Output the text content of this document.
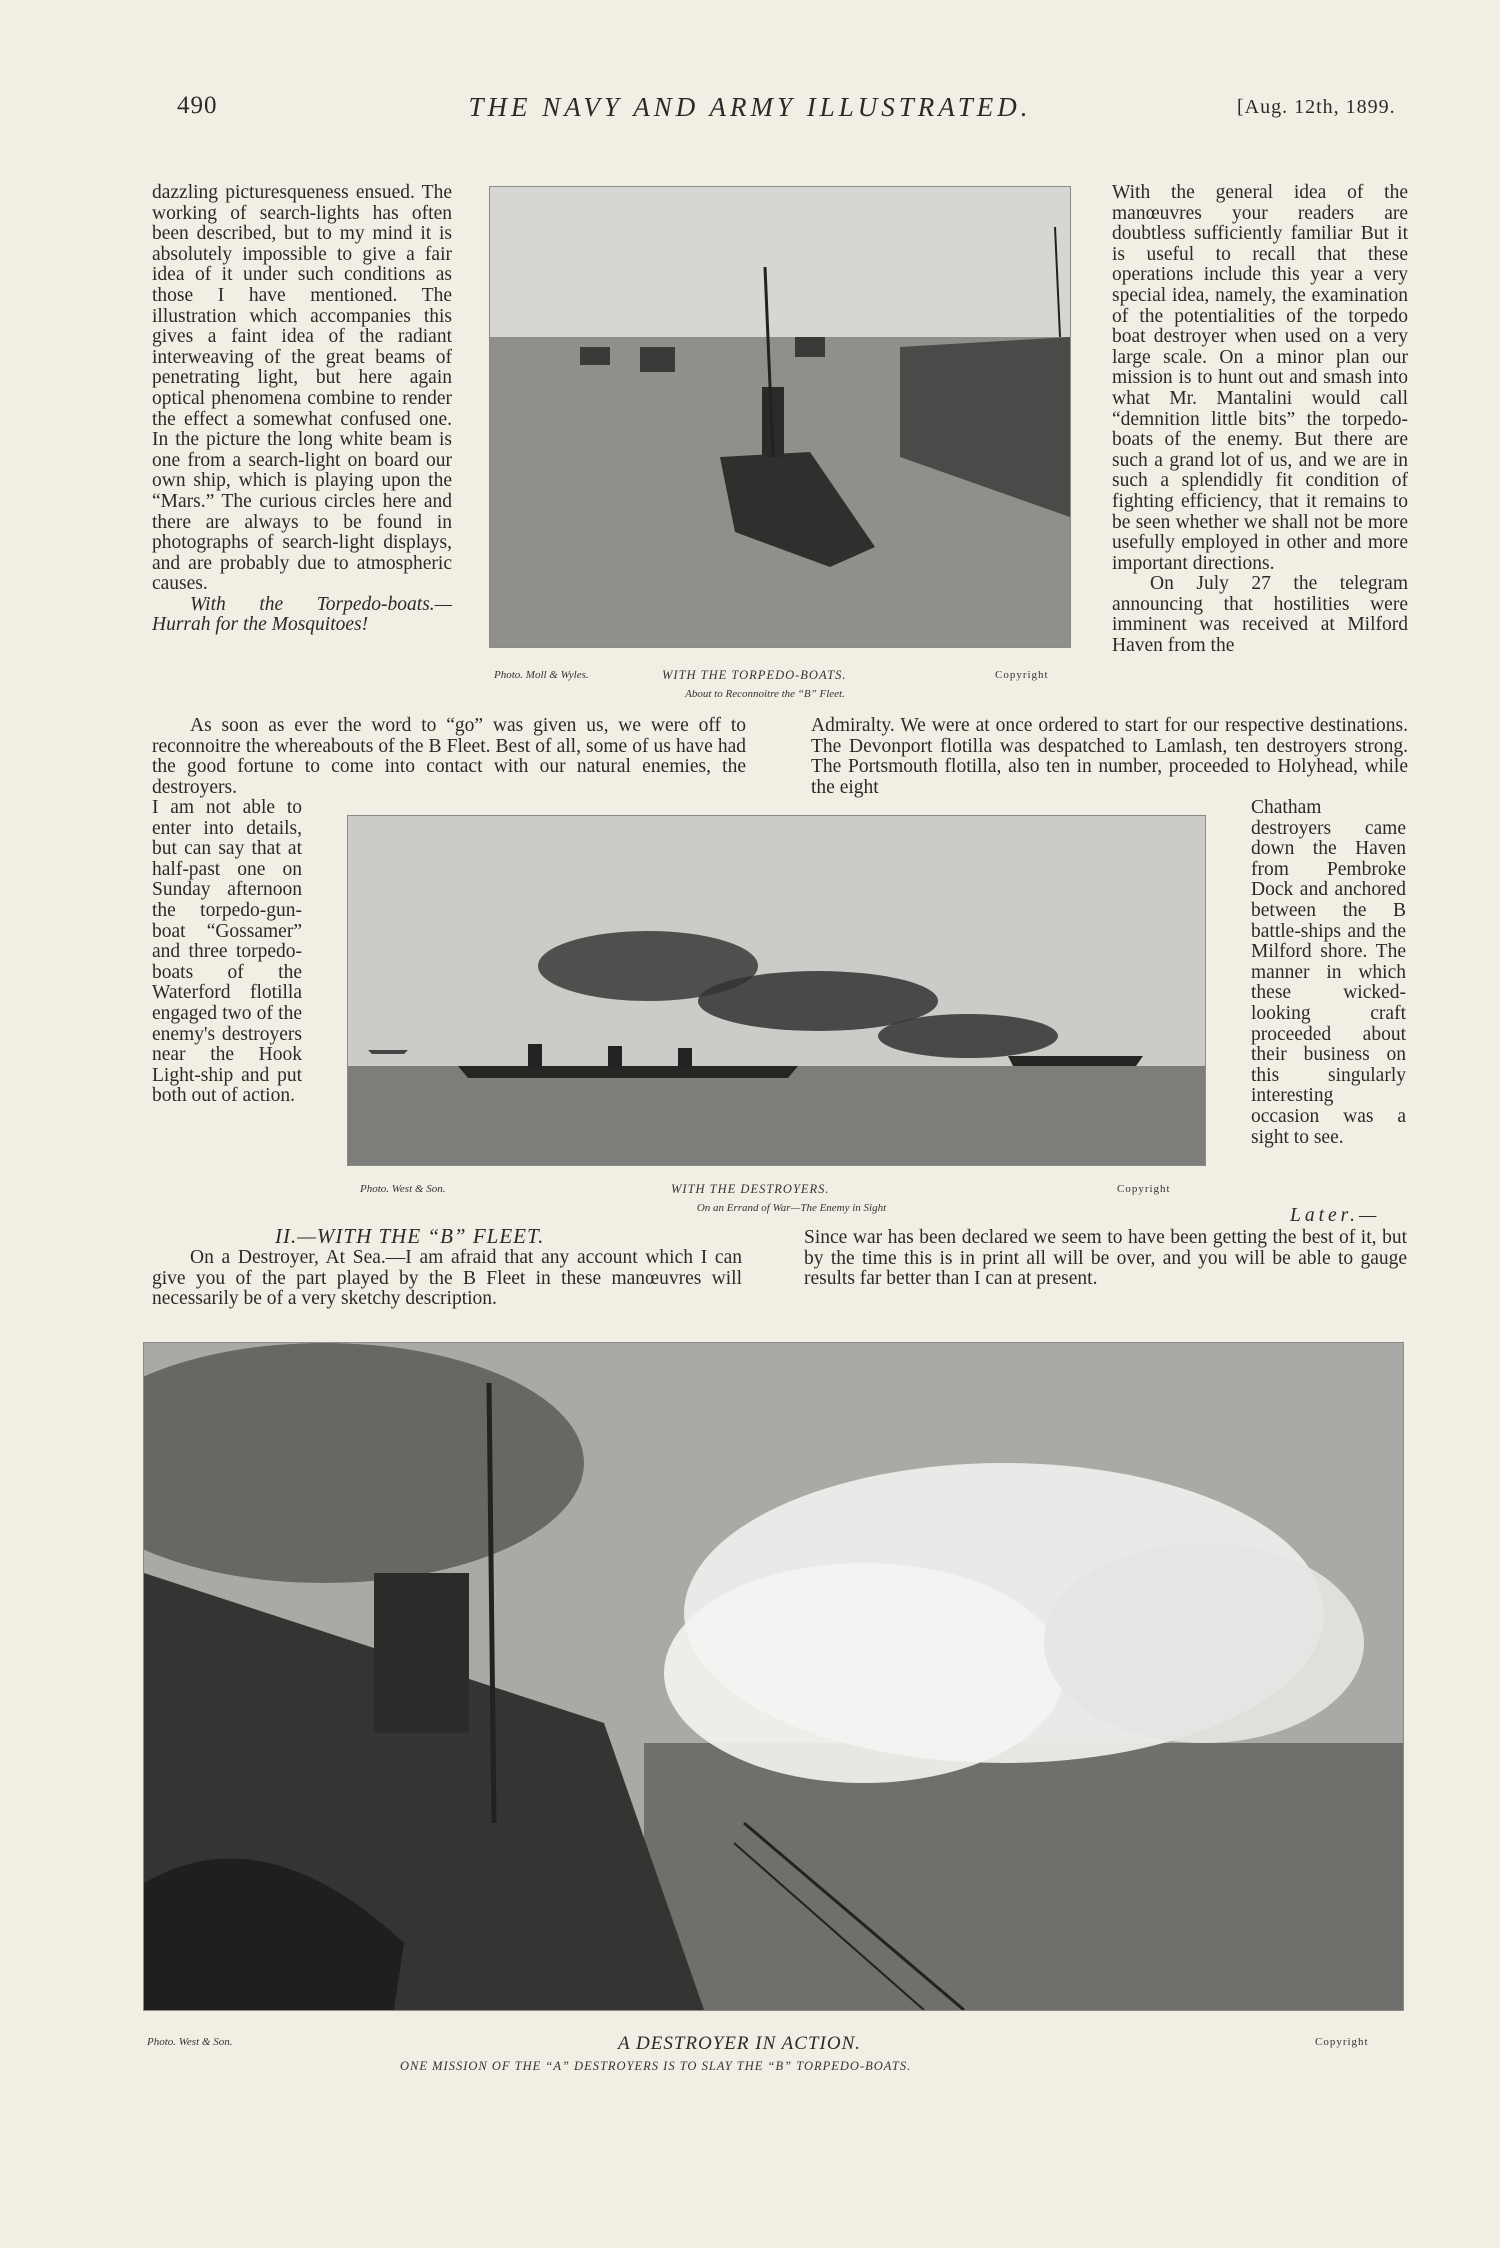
490	THE NAVY AND ARMY ILLUSTRATED.	[Aug. 12th, 1899.

dazzling picturesqueness ensued. The working of search-lights has often been described, but to my mind it is absolutely impossible to give a fair idea of it under such conditions as those I have mentioned. The illustration which accompanies this gives a faint idea of the radiant interweaving of the great beams of penetrating light, but here again optical phenomena combine to render the effect a somewhat confused one. In the picture the long white beam is one from a search-light on board our own ship, which is playing upon the “Mars.” The curious circles here and there are always to be found in photographs of search-light displays, and are probably due to atmospheric causes.

With the Torpedo-boats.— Hurrah for the Mosquitoes!

Photo. Moll & Wyles.	WITH THE TORPEDO-BOATS.
About to Reconnoitre the “B” Fleet.
Copyright

With the general idea of the manœuvres your readers are doubtless sufficiently familiar But it is useful to recall that these operations include this year a very special idea, namely, the examination of the potentialities of the torpedo boat destroyer when used on a very large scale. On a minor plan our mission is to hunt out and smash into what Mr. Mantalini would call “demnition little bits” the torpedo-boats of the enemy. But there are such a grand lot of us, and we are in such a splendidly fit condition of fighting efficiency, that it remains to be seen whether we shall not be more usefully employed in other and more important directions.

On July 27 the telegram announcing that hostilities were imminent was received at Milford Haven from the

As soon as ever the word to “go” was given us, we were off to reconnoitre the whereabouts of the B Fleet. Best of all, some of us have had the good fortune to come into contact with our natural enemies, the destroyers.

Admiralty. We were at once ordered to start for our respective destinations. The Devonport flotilla was despatched to Lamlash, ten destroyers strong. The Portsmouth flotilla, also ten in number, proceeded to Holyhead, while the eight

I am not able to enter into details, but can say that at half-past one on Sunday afternoon the torpedo-gun-boat “Gossamer” and three torpedo-boats of the Waterford flotilla engaged two of the enemy's destroyers near the Hook Light-ship and put both out of action.

Photo. West & Son.	WITH THE DESTROYERS.
On an Errand of War—The Enemy in Sight
Copyright

Chatham destroyers came down the Haven from Pembroke Dock and anchored between the B battle-ships and the Milford shore. The manner in which these wicked-looking craft proceeded about their business on this singularly interesting occasion was a sight to see.

Later.—
II.—WITH THE “B” FLEET.

On a Destroyer, At Sea.—I am afraid that any account which I can give you of the part played by the B Fleet in these manœuvres will necessarily be of a very sketchy description.

Since war has been declared we seem to have been getting the best of it, but by the time this is in print all will be over, and you will be able to gauge results far better than I can at present.

Photo. West & Son.	A DESTROYER IN ACTION.
ONE MISSION OF THE “A” DESTROYERS IS TO SLAY THE “B” TORPEDO-BOATS.
Copyright
